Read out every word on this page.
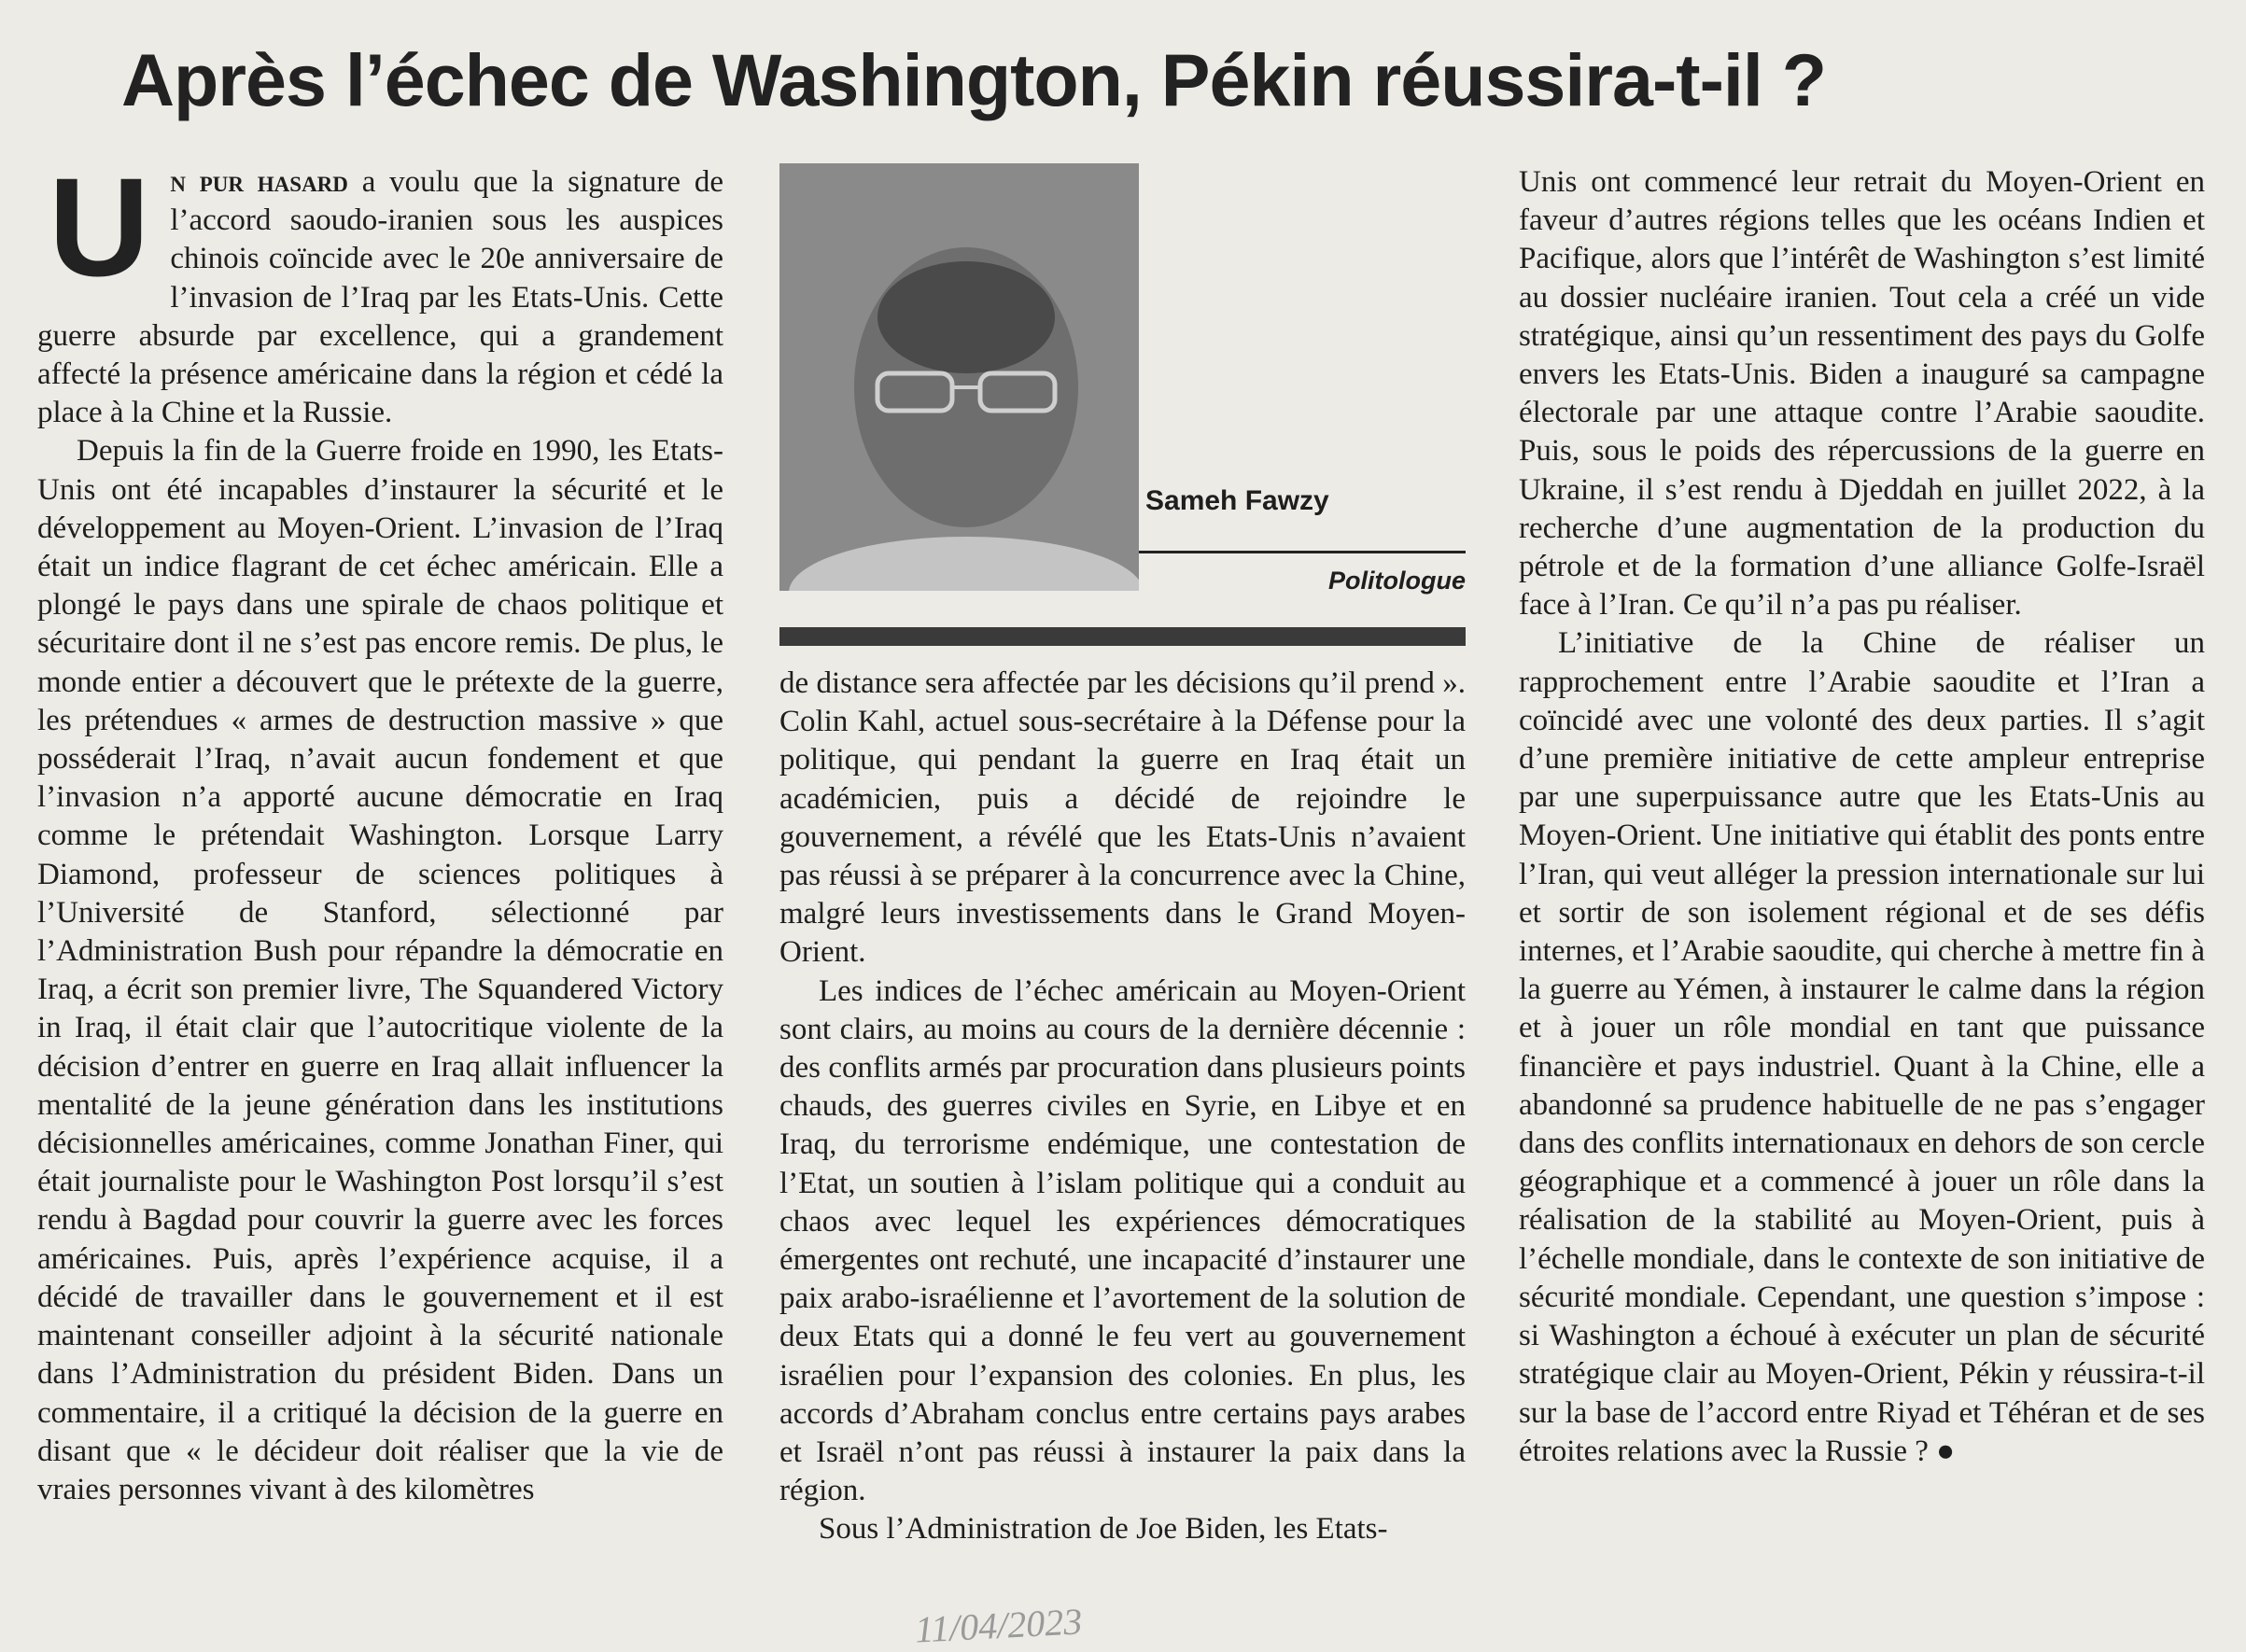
Après l’échec de Washington, Pékin réussira-t-il ?

Un pur hasard a voulu que la signature de l’accord saoudo-iranien sous les auspices chinois coïncide avec le 20e anniversaire de l’invasion de l’Iraq par les Etats-Unis. Cette guerre absurde par excellence, qui a grandement affecté la présence américaine dans la région et cédé la place à la Chine et la Russie.

Depuis la fin de la Guerre froide en 1990, les Etats-Unis ont été incapables d’instaurer la sécurité et le développement au Moyen-Orient. L’invasion de l’Iraq était un indice flagrant de cet échec américain. Elle a plongé le pays dans une spirale de chaos politique et sécuritaire dont il ne s’est pas encore remis. De plus, le monde entier a découvert que le prétexte de la guerre, les prétendues « armes de destruction massive » que posséderait l’Iraq, n’avait aucun fondement et que l’invasion n’a apporté aucune démocratie en Iraq comme le prétendait Washington. Lorsque Larry Diamond, professeur de sciences politiques à l’Université de Stanford, sélectionné par l’Administration Bush pour répandre la démocratie en Iraq, a écrit son premier livre, The Squandered Victory in Iraq, il était clair que l’autocritique violente de la décision d’entrer en guerre en Iraq allait influencer la mentalité de la jeune génération dans les institutions décisionnelles américaines, comme Jonathan Finer, qui était journaliste pour le Washington Post lorsqu’il s’est rendu à Bagdad pour couvrir la guerre avec les forces américaines. Puis, après l’expérience acquise, il a décidé de travailler dans le gouvernement et il est maintenant conseiller adjoint à la sécurité nationale dans l’Administration du président Biden. Dans un commentaire, il a critiqué la décision de la guerre en disant que « le décideur doit réaliser que la vie de vraies personnes vivant à des kilomètres

Sameh Fawzy
Politologue

de distance sera affectée par les décisions qu’il prend ». Colin Kahl, actuel sous-secrétaire à la Défense pour la politique, qui pendant la guerre en Iraq était un académicien, puis a décidé de rejoindre le gouvernement, a révélé que les Etats-Unis n’avaient pas réussi à se préparer à la concurrence avec la Chine, malgré leurs investissements dans le Grand Moyen-Orient.

Les indices de l’échec américain au Moyen-Orient sont clairs, au moins au cours de la dernière décennie : des conflits armés par procuration dans plusieurs points chauds, des guerres civiles en Syrie, en Libye et en Iraq, du terrorisme endémique, une contestation de l’Etat, un soutien à l’islam politique qui a conduit au chaos avec lequel les expériences démocratiques émergentes ont rechuté, une incapacité d’instaurer une paix arabo-israélienne et l’avortement de la solution de deux Etats qui a donné le feu vert au gouvernement israélien pour l’expansion des colonies. En plus, les accords d’Abraham conclus entre certains pays arabes et Israël n’ont pas réussi à instaurer la paix dans la région.

Sous l’Administration de Joe Biden, les Etats-

Unis ont commencé leur retrait du Moyen-Orient en faveur d’autres régions telles que les océans Indien et Pacifique, alors que l’intérêt de Washington s’est limité au dossier nucléaire iranien. Tout cela a créé un vide stratégique, ainsi qu’un ressentiment des pays du Golfe envers les Etats-Unis. Biden a inauguré sa campagne électorale par une attaque contre l’Arabie saoudite. Puis, sous le poids des répercussions de la guerre en Ukraine, il s’est rendu à Djeddah en juillet 2022, à la recherche d’une augmentation de la production du pétrole et de la formation d’une alliance Golfe-Israël face à l’Iran. Ce qu’il n’a pas pu réaliser.

L’initiative de la Chine de réaliser un rapprochement entre l’Arabie saoudite et l’Iran a coïncidé avec une volonté des deux parties. Il s’agit d’une première initiative de cette ampleur entreprise par une superpuissance autre que les Etats-Unis au Moyen-Orient. Une initiative qui établit des ponts entre l’Iran, qui veut alléger la pression internationale sur lui et sortir de son isolement régional et de ses défis internes, et l’Arabie saoudite, qui cherche à mettre fin à la guerre au Yémen, à instaurer le calme dans la région et à jouer un rôle mondial en tant que puissance financière et pays industriel. Quant à la Chine, elle a abandonné sa prudence habituelle de ne pas s’engager dans des conflits internationaux en dehors de son cercle géographique et a commencé à jouer un rôle dans la réalisation de la stabilité au Moyen-Orient, puis à l’échelle mondiale, dans le contexte de son initiative de sécurité mondiale. Cependant, une question s’impose : si Washington a échoué à exécuter un plan de sécurité stratégique clair au Moyen-Orient, Pékin y réussira-t-il sur la base de l’accord entre Riyad et Téhéran et de ses étroites relations avec la Russie ? ●

11/04/2023
